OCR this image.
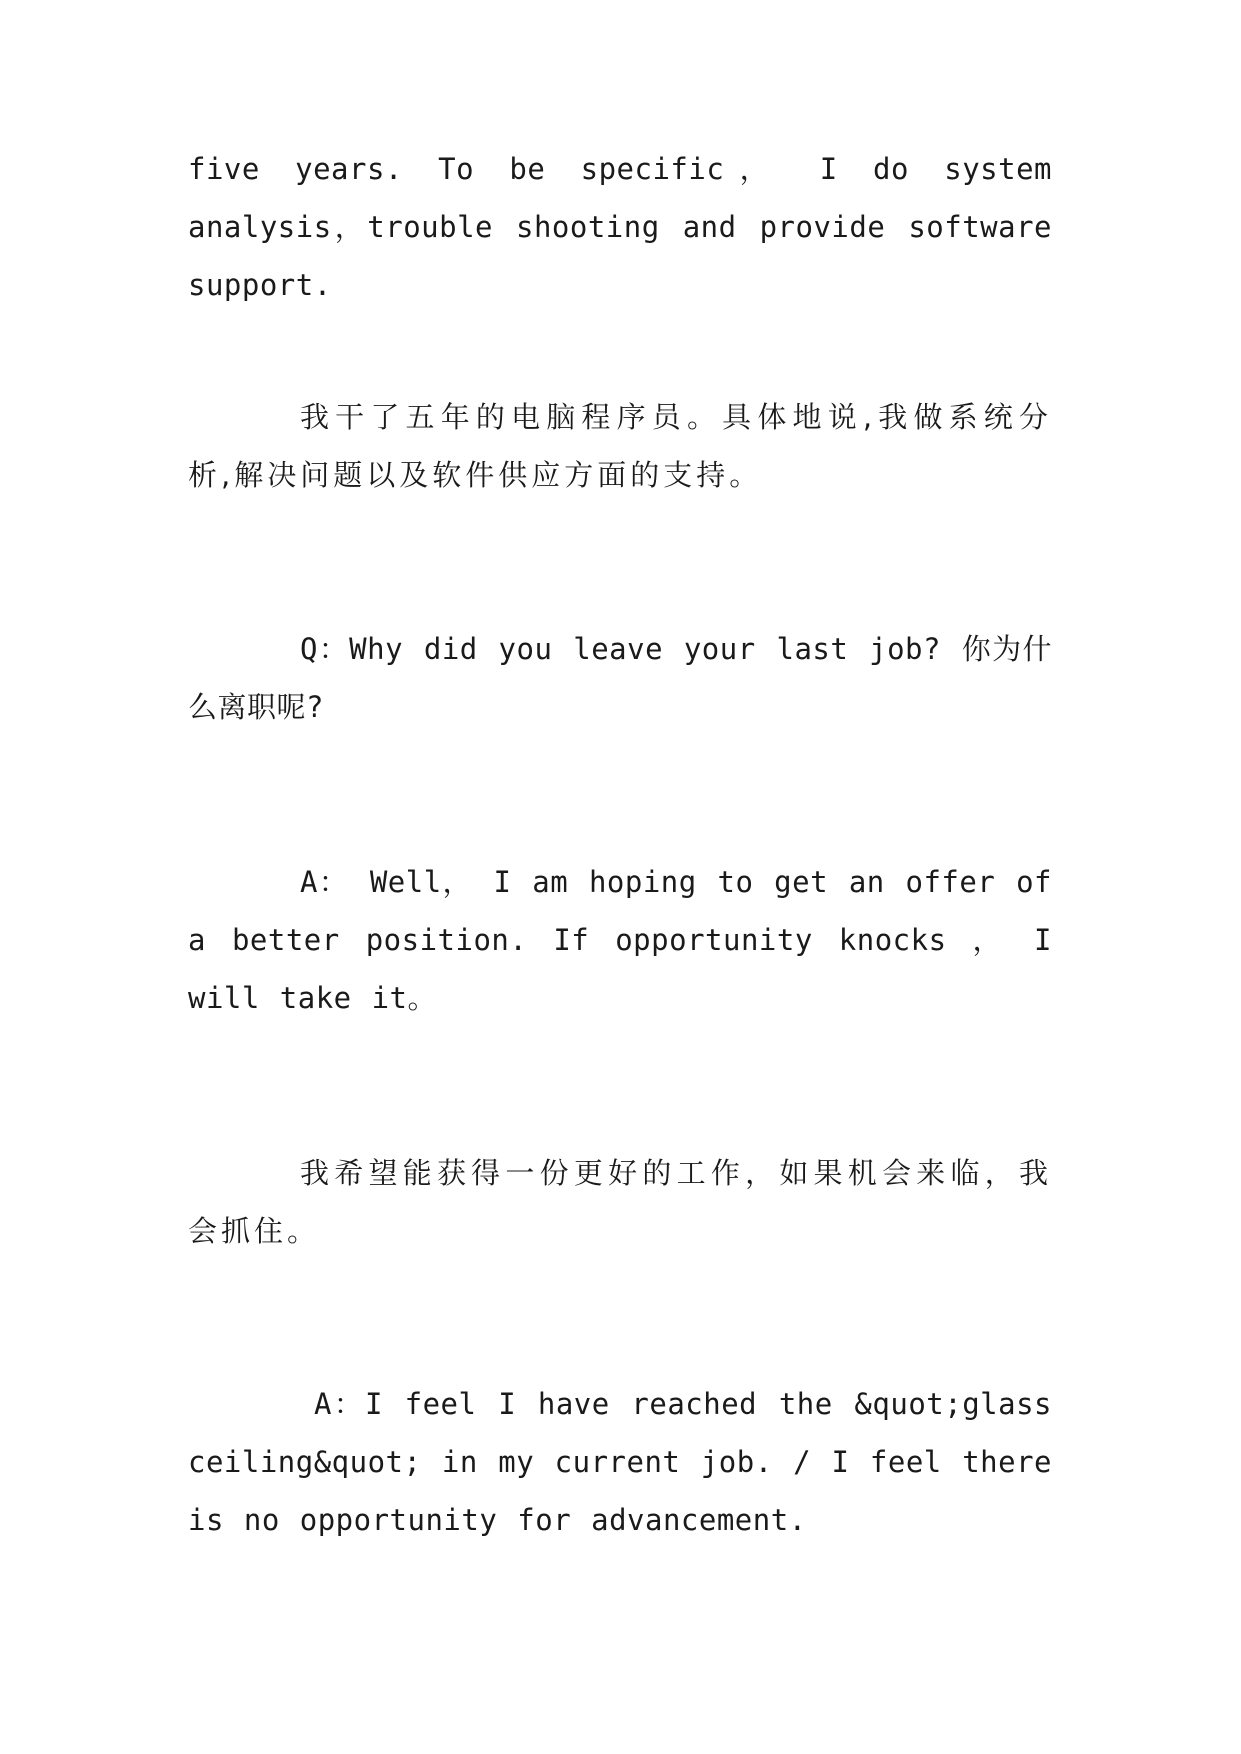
five years. To be specific， I do system analysis，trouble shooting and provide software support.

我干了五年的电脑程序员。具体地说,我做系统分析,解决问题以及软件供应方面的支持。

Q：Why did you leave your last job? 你为什么离职呢?

A： Well， I am hoping to get an offer of a better position. If opportunity knocks ， I will take it。

我希望能获得一份更好的工作，如果机会来临，我会抓住。

A：I feel I have reached the &quot;glass ceiling&quot; in my current job. / I feel there is no opportunity for advancement.
